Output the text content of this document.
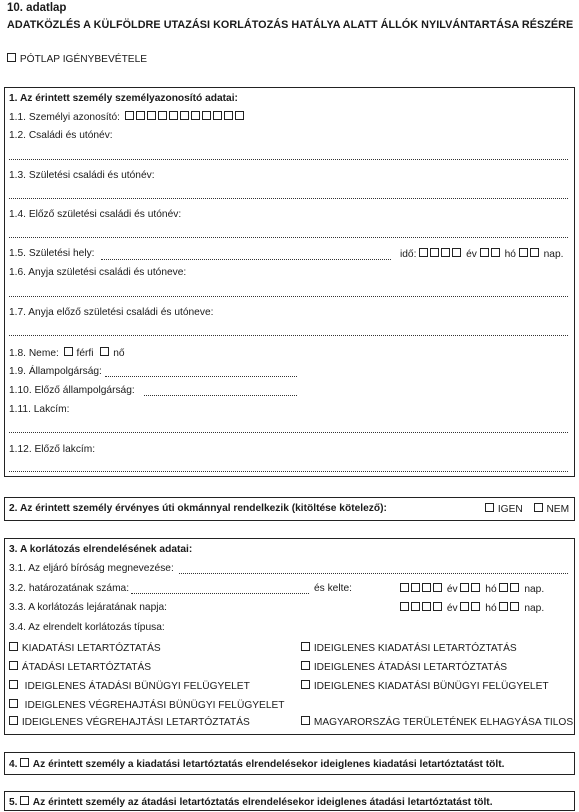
10. adatlap
ADATKÖZLÉS A KÜLFÖLDRE UTAZÁSI KORLÁTOZÁS HATÁLYA ALATT ÁLLÓK NYILVÁNTARTÁSA RÉSZÉRE
PÓTLAP IGÉNYBEVÉTELE
1. Az érintett személy személyazonosító adatai:
1.1. Személyi azonosító:
1.2. Családi és utónév:
1.3. Születési családi és utónév:
1.4. Előző születési családi és utónév:
1.5. Születési hely:	idő:	év	hó	nap.
1.6. Anyja születési családi és utóneve:
1.7. Anyja előző születési családi és utóneve:
1.8. Neme: férfi nő
1.9. Állampolgárság:
1.10. Előző állampolgárság:
1.11. Lakcím:
1.12. Előző lakcím:
2. Az érintett személy érvényes úti okmánnyal rendelkezik (kitöltése kötelező):	IGEN NEM
3. A korlátozás elrendelésének adatai:
3.1. Az eljáró bíróság megnevezése:
3.2. határozatának száma:	és kelte:	év	hó	nap.
3.3. A korlátozás lejáratának napja:	év	hó	nap.
3.4. Az elrendelt korlátozás típusa:
KIADATÁSI LETARTÓZTATÁS
ÁTADÁSI LETARTÓZTATÁS
IDEIGLENES ÁTADÁSI BÜNÜGYI FELÜGYELET
IDEIGLENES VÉGREHAJTÁSI BÜNÜGYI FELÜGYELET
IDEIGLENES VÉGREHAJTÁSI LETARTÓZTATÁS
IDEIGLENES KIADATÁSI LETARTÓZTATÁS
IDEIGLENES ÁTADÁSI LETARTÓZTATÁS
IDEIGLENES KIADATÁSI BÜNÜGYI FELÜGYELET
MAGYARORSZÁG TERÜLETÉNEK ELHAGYÁSA TILOS
4. Az érintett személy a kiadatási letartóztatás elrendelésekor ideiglenes kiadatási letartóztatást tölt.
5. Az érintett személy az átadási letartóztatás elrendelésekor ideiglenes átadási letartóztatást tölt.
